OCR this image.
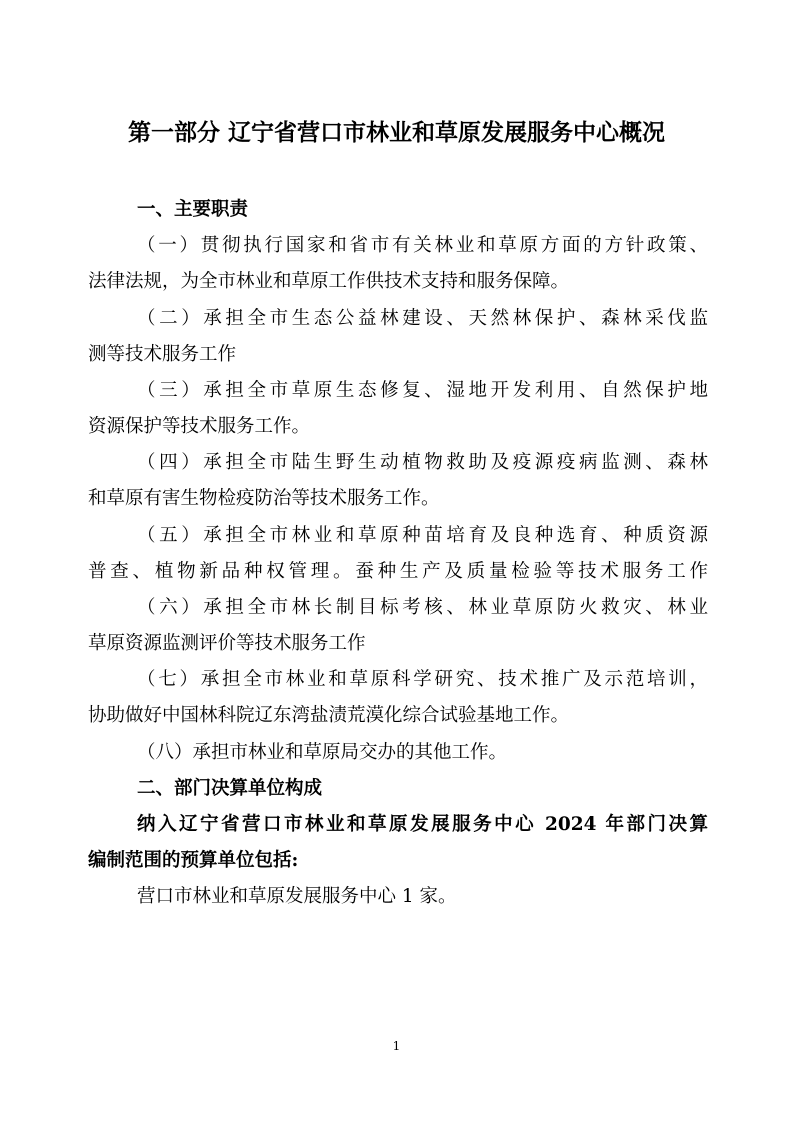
第一部分 辽宁省营口市林业和草原发展服务中心概况
一、主要职责
（一）贯彻执行国家和省市有关林业和草原方面的方针政策、
法律法规，为全市林业和草原工作供技术支持和服务保障。
（二）承担全市生态公益林建设、天然林保护、森林采伐监
测等技术服务工作
（三）承担全市草原生态修复、湿地开发利用、自然保护地
资源保护等技术服务工作。
（四）承担全市陆生野生动植物救助及疫源疫病监测、森林
和草原有害生物检疫防治等技术服务工作。
（五）承担全市林业和草原种苗培育及良种选育、种质资源
普查、植物新品种权管理。蚕种生产及质量检验等技术服务工作
（六）承担全市林长制目标考核、林业草原防火救灾、林业
草原资源监测评价等技术服务工作
（七）承担全市林业和草原科学研究、技术推广及示范培训，
协助做好中国林科院辽东湾盐渍荒漠化综合试验基地工作。
（八）承担市林业和草原局交办的其他工作。
二、部门决算单位构成
纳入辽宁省营口市林业和草原发展服务中心 2024 年部门决算
编制范围的预算单位包括:
营口市林业和草原发展服务中心 1 家。
1
